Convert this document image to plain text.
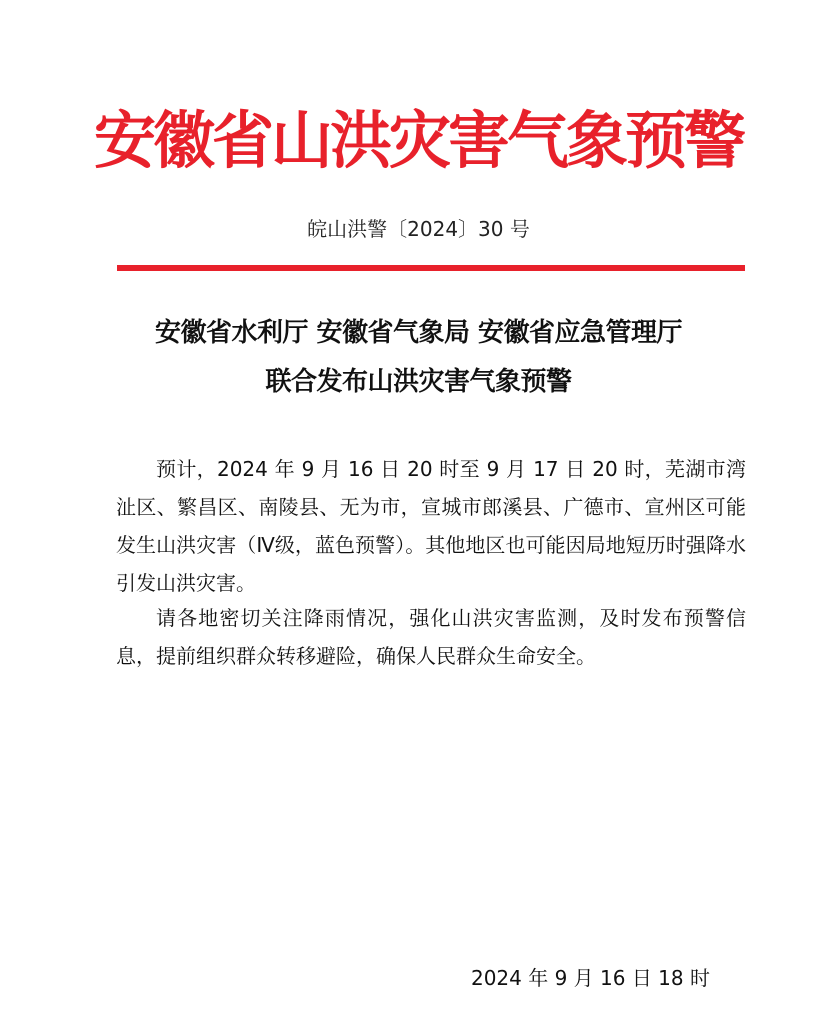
安徽省山洪灾害气象预警
皖山洪警〔2024〕30 号
安徽省水利厅 安徽省气象局 安徽省应急管理厅
联合发布山洪灾害气象预警

预计，2024 年 9 月 16 日 20 时至 9 月 17 日 20 时，芜湖市湾沚区、繁昌区、南陵县、无为市，宣城市郎溪县、广德市、宣州区可能发生山洪灾害（Ⅳ级，蓝色预警）。其他地区也可能因局地短历时强降水引发山洪灾害。

请各地密切关注降雨情况，强化山洪灾害监测，及时发布预警信息，提前组织群众转移避险，确保人民群众生命安全。

2024 年 9 月 16 日 18 时
